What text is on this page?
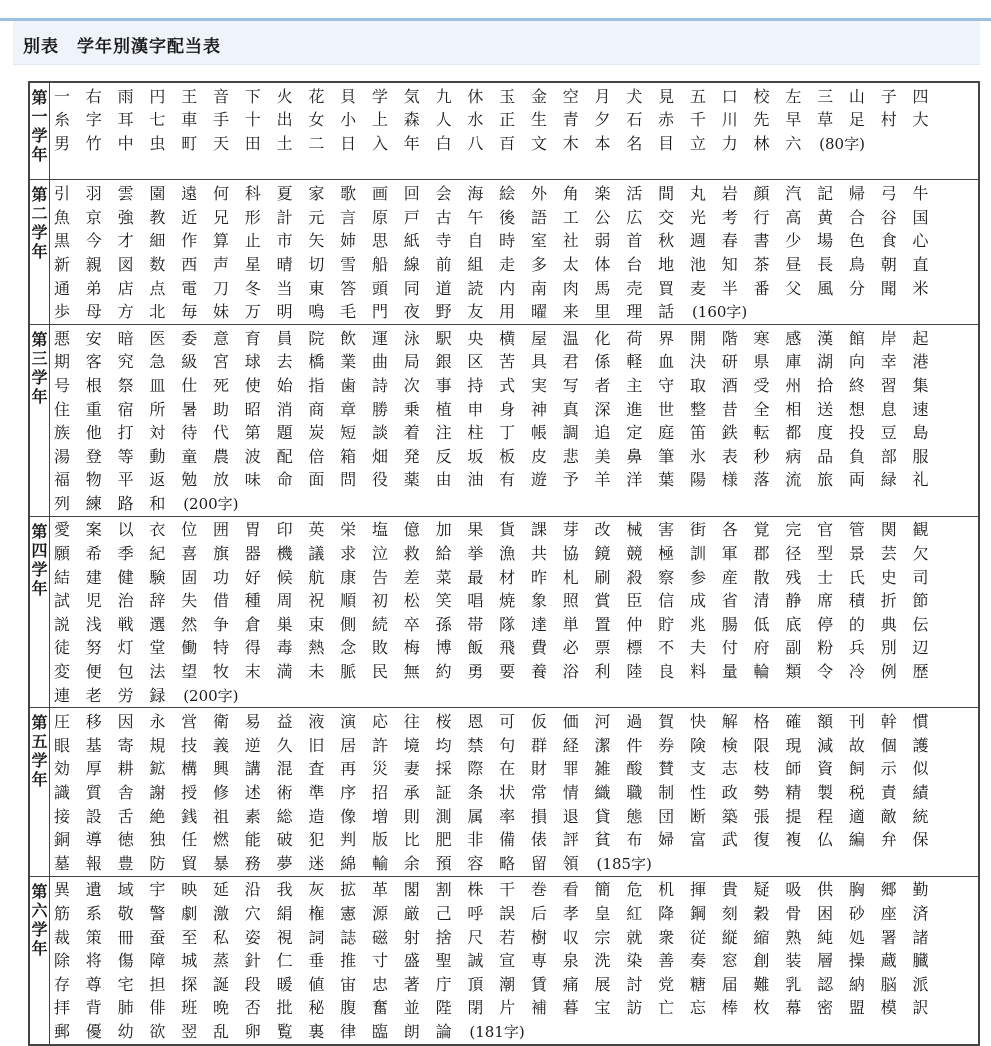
別表　学年別漢字配当表
第
一
学
年
一 右 雨 円 王 音 下 火 花 貝 学 気 九 休 玉 金 空 月 犬 見 五 口 校 左 三 山 子 四
糸 字 耳 七 車 手 十 出 女 小 上 森 人 水 正 生 青 夕 石 赤 千 川 先 早 草 足 村 大
男 竹 中 虫 町 天 田 土 二 日 入 年 白 八 百 文 木 本 名 目 立 力 林 六	(80字)
第
二
学
年
引 羽 雲 園 遠 何 科 夏 家 歌 画 回 会 海 絵 外 角 楽 活 間 丸 岩 顔 汽 記 帰 弓 牛
魚 京 強 教 近 兄 形 計 元 言 原 戸 古 午 後 語 工 公 広 交 光 考 行 高 黄 合 谷 国
黒 今 才 細 作 算 止 市 矢 姉 思 紙 寺 自 時 室 社 弱 首 秋 週 春 書 少 場 色 食 心
新 親 図 数 西 声 星 晴 切 雪 船 線 前 組 走 多 太 体 台 地 池 知 茶 昼 長 鳥 朝 直
通 弟 店 点 電 刀 冬 当 東 答 頭 同 道 読 内 南 肉 馬 売 買 麦 半 番 父 風 分 聞 米
歩 母 方 北 毎 妹 万 明 鳴 毛 門 夜 野 友 用 曜 来 里 理 話	(160字)
第
三
学
年
悪 安 暗 医 委 意 育 員 院 飲 運 泳 駅 央 横 屋 温 化 荷 界 開 階 寒 感 漢 館 岸 起
期 客 究 急 級 宮 球 去 橋 業 曲 局 銀 区 苦 具 君 係 軽 血 決 研 県 庫 湖 向 幸 港
号 根 祭 皿 仕 死 使 始 指 歯 詩 次 事 持 式 実 写 者 主 守 取 酒 受 州 拾 終 習 集
住 重 宿 所 暑 助 昭 消 商 章 勝 乗 植 申 身 神 真 深 進 世 整 昔 全 相 送 想 息 速
族 他 打 対 待 代 第 題 炭 短 談 着 注 柱 丁 帳 調 追 定 庭 笛 鉄 転 都 度 投 豆 島
湯 登 等 動 童 農 波 配 倍 箱 畑 発 反 坂 板 皮 悲 美 鼻 筆 氷 表 秒 病 品 負 部 服
福 物 平 返 勉 放 味 命 面 問 役 薬 由 油 有 遊 予 羊 洋 葉 陽 様 落 流 旅 両 緑 礼
列 練 路 和	(200字)
第
四
学
年
愛 案 以 衣 位 囲 胃 印 英 栄 塩 億 加 果 貨 課 芽 改 械 害 街 各 覚 完 官 管 関 観
願 希 季 紀 喜 旗 器 機 議 求 泣 救 給 挙 漁 共 協 鏡 競 極 訓 軍 郡 径 型 景 芸 欠
結 建 健 験 固 功 好 候 航 康 告 差 菜 最 材 昨 札 刷 殺 察 参 産 散 残 士 氏 史 司
試 児 治 辞 失 借 種 周 祝 順 初 松 笑 唱 焼 象 照 賞 臣 信 成 省 清 静 席 積 折 節
説 浅 戦 選 然 争 倉 巣 束 側 続 卒 孫 帯 隊 達 単 置 仲 貯 兆 腸 低 底 停 的 典 伝
徒 努 灯 堂 働 特 得 毒 熱 念 敗 梅 博 飯 飛 費 必 票 標 不 夫 付 府 副 粉 兵 別 辺
変 便 包 法 望 牧 末 満 未 脈 民 無 約 勇 要 養 浴 利 陸 良 料 量 輪 類 令 冷 例 歴
連 老 労 録	(200字)
第
五
学
年
圧 移 因 永 営 衛 易 益 液 演 応 往 桜 恩 可 仮 価 河 過 賀 快 解 格 確 額 刊 幹 慣
眼 基 寄 規 技 義 逆 久 旧 居 許 境 均 禁 句 群 経 潔 件 券 険 検 限 現 減 故 個 護
効 厚 耕 鉱 構 興 講 混 査 再 災 妻 採 際 在 財 罪 雑 酸 賛 支 志 枝 師 資 飼 示 似
識 質 舎 謝 授 修 述 術 準 序 招 承 証 条 状 常 情 織 職 制 性 政 勢 精 製 税 責 績
接 設 舌 絶 銭 祖 素 総 造 像 増 則 測 属 率 損 退 貸 態 団 断 築 張 提 程 適 敵 統
銅 導 徳 独 任 燃 能 破 犯 判 版 比 肥 非 備 俵 評 貧 布 婦 富 武 復 複 仏 編 弁 保
墓 報 豊 防 貿 暴 務 夢 迷 綿 輸 余 預 容 略 留 領	(185字)
第
六
学
年
異 遺 域 宇 映 延 沿 我 灰 拡 革 閣 割 株 干 巻 看 簡 危 机 揮 貴 疑 吸 供 胸 郷 勤
筋 系 敬 警 劇 激 穴 絹 権 憲 源 厳 己 呼 誤 后 孝 皇 紅 降 鋼 刻 穀 骨 困 砂 座 済
裁 策 冊 蚕 至 私 姿 視 詞 誌 磁 射 捨 尺 若 樹 収 宗 就 衆 従 縦 縮 熟 純 処 署 諸
除 将 傷 障 城 蒸 針 仁 垂 推 寸 盛 聖 誠 宣 専 泉 洗 染 善 奏 窓 創 装 層 操 蔵 臓
存 尊 宅 担 探 誕 段 暖 値 宙 忠 著 庁 頂 潮 賃 痛 展 討 党 糖 届 難 乳 認 納 脳 派
拝 背 肺 俳 班 晩 否 批 秘 腹 奮 並 陛 閉 片 補 暮 宝 訪 亡 忘 棒 枚 幕 密 盟 模 訳
郵 優 幼 欲 翌 乱 卵 覧 裏 律 臨 朗 論	(181字)
